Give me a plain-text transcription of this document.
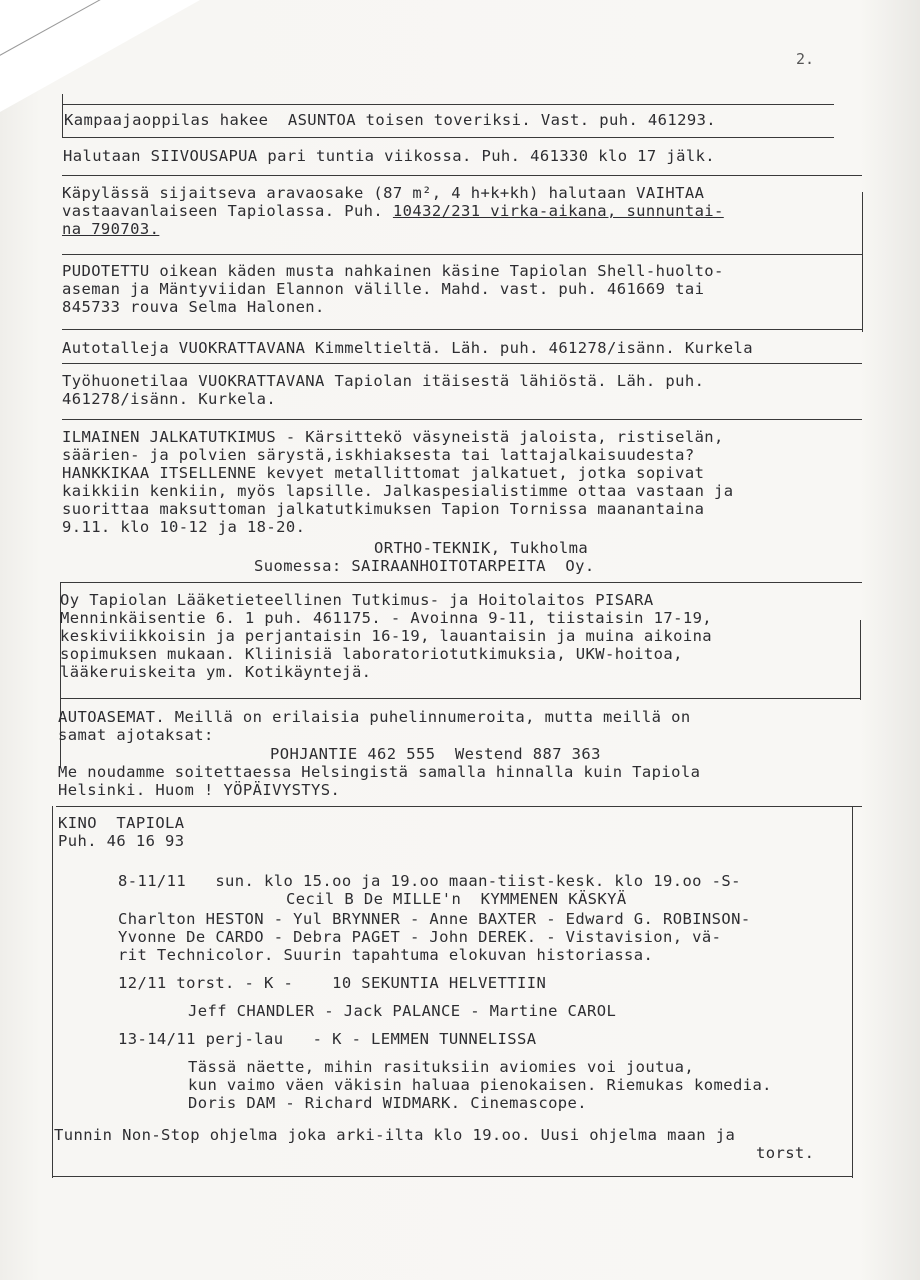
2.
Kampaajaoppilas hakee  ASUNTOA toisen toveriksi. Vast. puh. 461293.
Halutaan SIIVOUSAPUA pari tuntia viikossa. Puh. 461330 klo 17 jälk.
Käpylässä sijaitseva aravaosake (87 m², 4 h+k+kh) halutaan VAIHTAA
vastaavanlaiseen Tapiolassa. Puh. 10432/231 virka-aikana, sunnuntai-
na 790703.
PUDOTETTU oikean käden musta nahkainen käsine Tapiolan Shell-huolto-
aseman ja Mäntyviidan Elannon välille. Mahd. vast. puh. 461669 tai
845733 rouva Selma Halonen.
Autotalleja VUOKRATTAVANA Kimmeltieltä. Läh. puh. 461278/isänn. Kurkela
Työhuonetilaa VUOKRATTAVANA Tapiolan itäisestä lähiöstä. Läh. puh.
461278/isänn. Kurkela.
ILMAINEN JALKATUTKIMUS - Kärsittekö väsyneistä jaloista, ristiselän,
säärien- ja polvien särystä,iskhiaksesta tai lattajalkaisuudesta?
HANKKIKAA ITSELLENNE kevyet metallittomat jalkatuet, jotka sopivat
kaikkiin kenkiin, myös lapsille. Jalkaspesialistimme ottaa vastaan ja
suorittaa maksuttoman jalkatutkimuksen Tapion Tornissa maanantaina
9.11. klo 10-12 ja 18-20.
ORTHO-TEKNIK, Tukholma
Suomessa: SAIRAANHOITOTARPEITA  Oy.
Oy Tapiolan Lääketieteellinen Tutkimus- ja Hoitolaitos PISARA
Menninkäisentie 6. 1 puh. 461175. - Avoinna 9-11, tiistaisin 17-19,
keskiviikkoisin ja perjantaisin 16-19, lauantaisin ja muina aikoina
sopimuksen mukaan. Kliinisiä laboratoriotutkimuksia, UKW-hoitoa,
lääkeruiskeita ym. Kotikäyntejä.
AUTOASEMAT. Meillä on erilaisia puhelinnumeroita, mutta meillä on
samat ajotaksat:
POHJANTIE 462 555  Westend 887 363
Me noudamme soitettaessa Helsingistä samalla hinnalla kuin Tapiola
Helsinki. Huom ! YÖPÄIVYSTYS.
KINO  TAPIOLA
Puh. 46 16 93
8-11/11   sun. klo 15.oo ja 19.oo maan-tiist-kesk. klo 19.oo -S-
Cecil B De MILLE'n  KYMMENEN KÄSKYÄ
Charlton HESTON - Yul BRYNNER - Anne BAXTER - Edward G. ROBINSON-
Yvonne De CARDO - Debra PAGET - John DEREK. - Vistavision, vä-
rit Technicolor. Suurin tapahtuma elokuvan historiassa.
12/11 torst. - K -    10 SEKUNTIA HELVETTIIN
Jeff CHANDLER - Jack PALANCE - Martine CAROL
13-14/11 perj-lau   - K - LEMMEN TUNNELISSA
Tässä näette, mihin rasituksiin aviomies voi joutua,
kun vaimo väen väkisin haluaa pienokaisen. Riemukas komedia.
Doris DAM - Richard WIDMARK. Cinemascope.
Tunnin Non-Stop ohjelma joka arki-ilta klo 19.oo. Uusi ohjelma maan ja
torst.
